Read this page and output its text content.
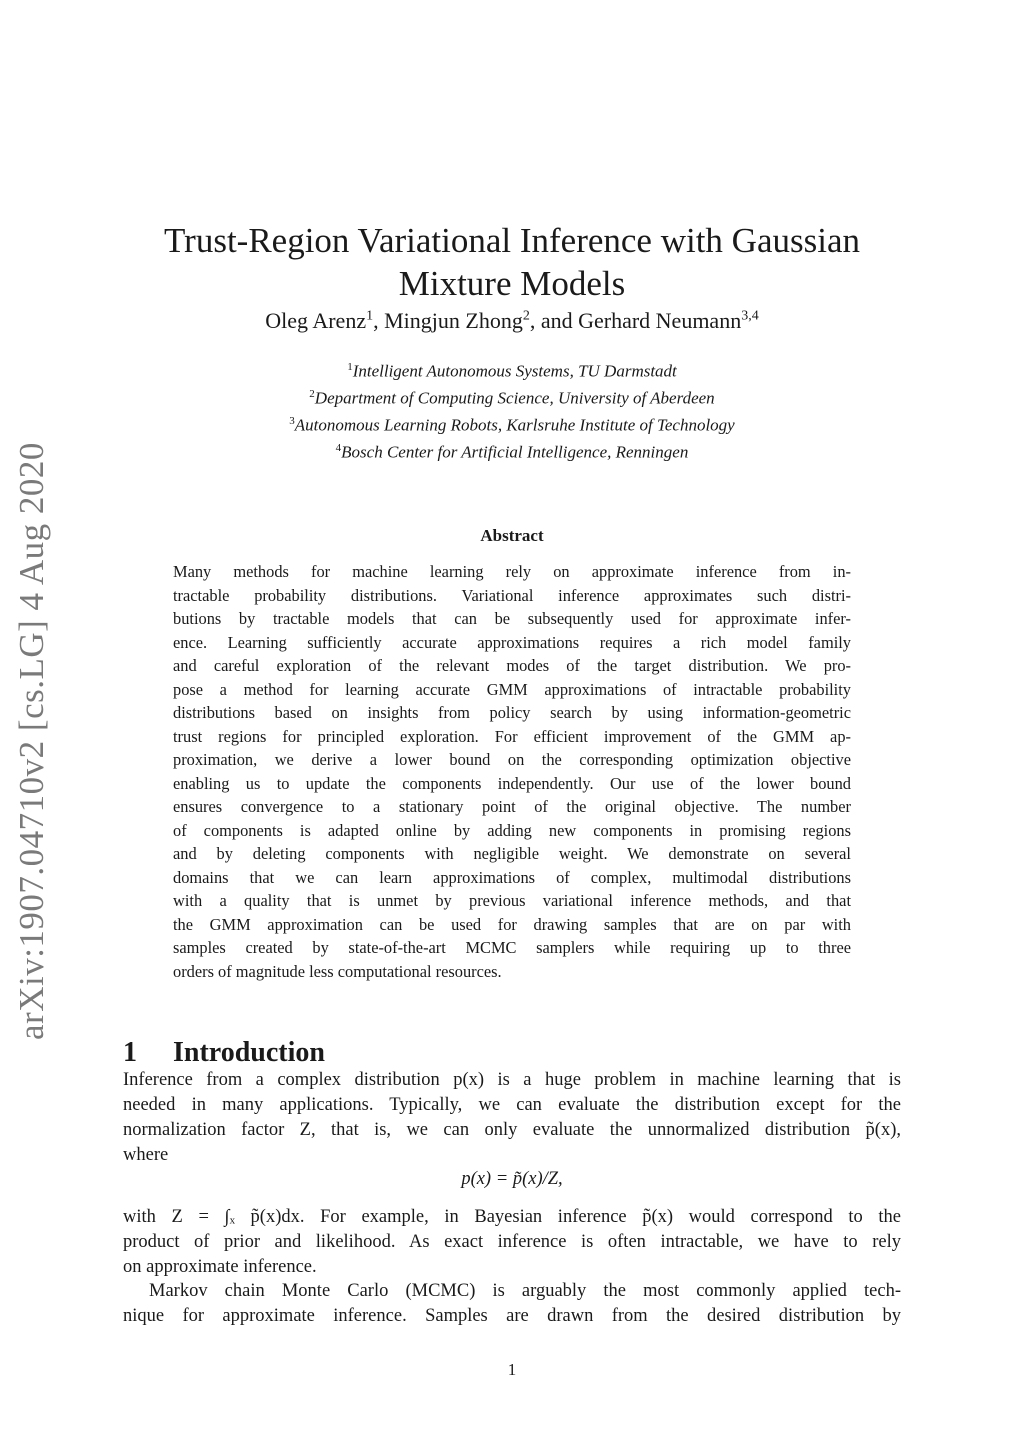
arXiv:1907.04710v2 [cs.LG] 4 Aug 2020
Trust-Region Variational Inference with Gaussian
Mixture Models
Oleg Arenz$^1$, Mingjun Zhong$^2$, and Gerhard Neumann$^{3,4}$
$^1$Intelligent Autonomous Systems, TU Darmstadt
$^2$Department of Computing Science, University of Aberdeen
$^3$Autonomous Learning Robots, Karlsruhe Institute of Technology
$^4$Bosch Center for Artificial Intelligence, Renningen
Abstract
Many methods for machine learning rely on approximate inference from in-
tractable probability distributions. Variational inference approximates such distri-
butions by tractable models that can be subsequently used for approximate infer-
ence. Learning sufficiently accurate approximations requires a rich model family
and careful exploration of the relevant modes of the target distribution. We pro-
pose a method for learning accurate GMM approximations of intractable probability
distributions based on insights from policy search by using information-geometric
trust regions for principled exploration. For efficient improvement of the GMM ap-
proximation, we derive a lower bound on the corresponding optimization objective
enabling us to update the components independently. Our use of the lower bound
ensures convergence to a stationary point of the original objective. The number
of components is adapted online by adding new components in promising regions
and by deleting components with negligible weight. We demonstrate on several
domains that we can learn approximations of complex, multimodal distributions
with a quality that is unmet by previous variational inference methods, and that
the GMM approximation can be used for drawing samples that are on par with
samples created by state-of-the-art MCMC samplers while requiring up to three
orders of magnitude less computational resources.
1 Introduction
Inference from a complex distribution p(x) is a huge problem in machine learning that is
needed in many applications. Typically, we can evaluate the distribution except for the
normalization factor Z, that is, we can only evaluate the unnormalized distribution p̃(x),
where
p(x) = p̃(x)/Z,
with Z = ∫ₓ p̃(x)dx. For example, in Bayesian inference p̃(x) would correspond to the
product of prior and likelihood. As exact inference is often intractable, we have to rely
on approximate inference.
Markov chain Monte Carlo (MCMC) is arguably the most commonly applied tech-
nique for approximate inference. Samples are drawn from the desired distribution by
1
